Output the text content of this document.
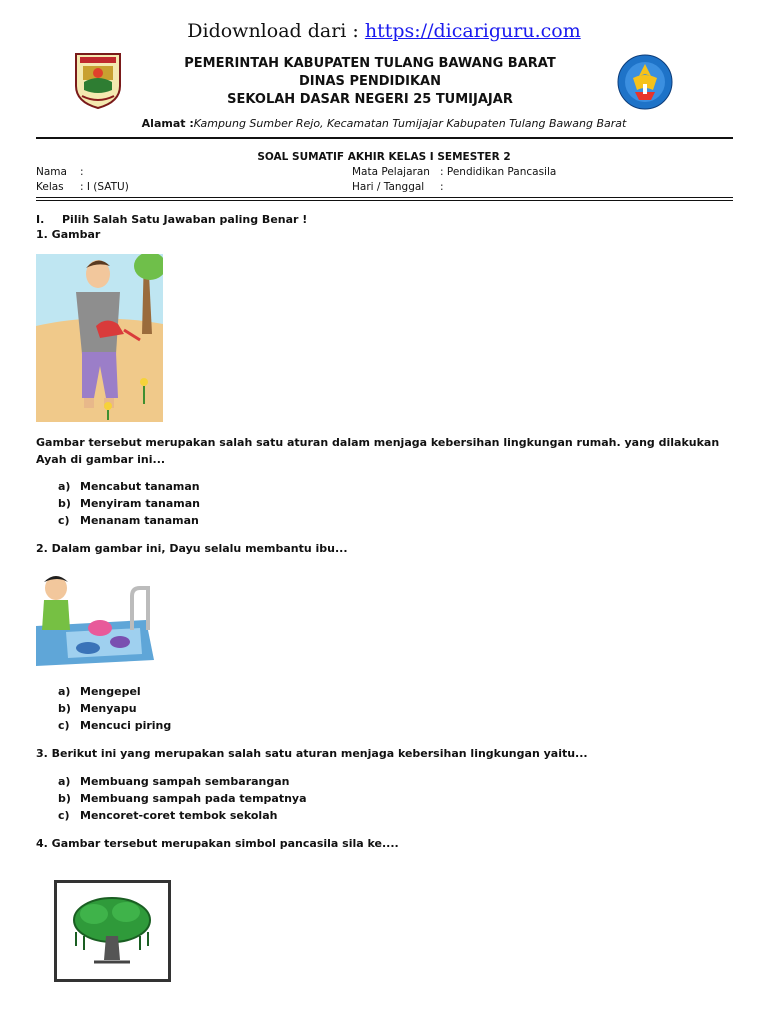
Didownload dari : https://dicariguru.com
PEMERINTAH KABUPATEN TULANG BAWANG BARAT
DINAS PENDIDIKAN
SEKOLAH DASAR NEGERI 25 TUMIJAJAR
Alamat :Kampung Sumber Rejo, Kecamatan Tumijajar Kabupaten Tulang Bawang Barat
SOAL SUMATIF AKHIR KELAS I SEMESTER 2
Nama :
Kelas : I (SATU)
Mata Pelajaran : Pendidikan Pancasila
Hari / Tanggal :
I. Pilih Salah Satu Jawaban paling Benar !
1. Gambar
Gambar tersebut merupakan salah satu aturan dalam menjaga kebersihan lingkungan rumah. yang dilakukan Ayah di gambar ini...
a) Mencabut tanaman
b) Menyiram tanaman
c) Menanam tanaman
2. Dalam gambar ini, Dayu selalu membantu ibu...
a) Mengepel
b) Menyapu
c) Mencuci piring
3. Berikut ini yang merupakan salah satu aturan menjaga kebersihan lingkungan yaitu...
a) Membuang sampah sembarangan
b) Membuang sampah pada tempatnya
c) Mencoret-coret tembok sekolah
4. Gambar tersebut merupakan simbol pancasila sila ke....
